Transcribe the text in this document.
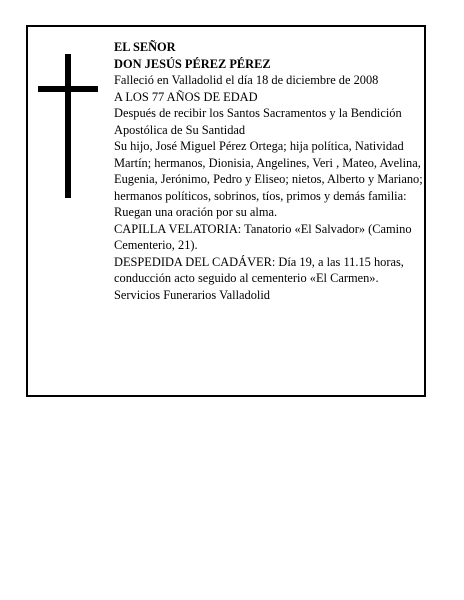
EL SEÑOR
DON JESÚS PÉREZ PÉREZ
Falleció en Valladolid el día 18 de diciembre de 2008
A LOS 77 AÑOS DE EDAD
Después de recibir los Santos Sacramentos y la Bendición Apostólica de Su Santidad
Su hijo, José Miguel Pérez Ortega; hija política, Natividad Martín; hermanos, Dionisia, Angelines, Veri , Mateo, Avelina, Eugenia, Jerónimo, Pedro y Eliseo; nietos, Alberto y Mariano; hermanos políticos, sobrinos, tíos, primos y demás familia:
Ruegan una oración por su alma.
CAPILLA VELATORIA: Tanatorio «El Salvador» (Camino Cementerio, 21).
DESPEDIDA DEL CADÁVER: Día 19, a las 11.15 horas, conducción acto seguido al cementerio «El Carmen».
Servicios Funerarios Valladolid
